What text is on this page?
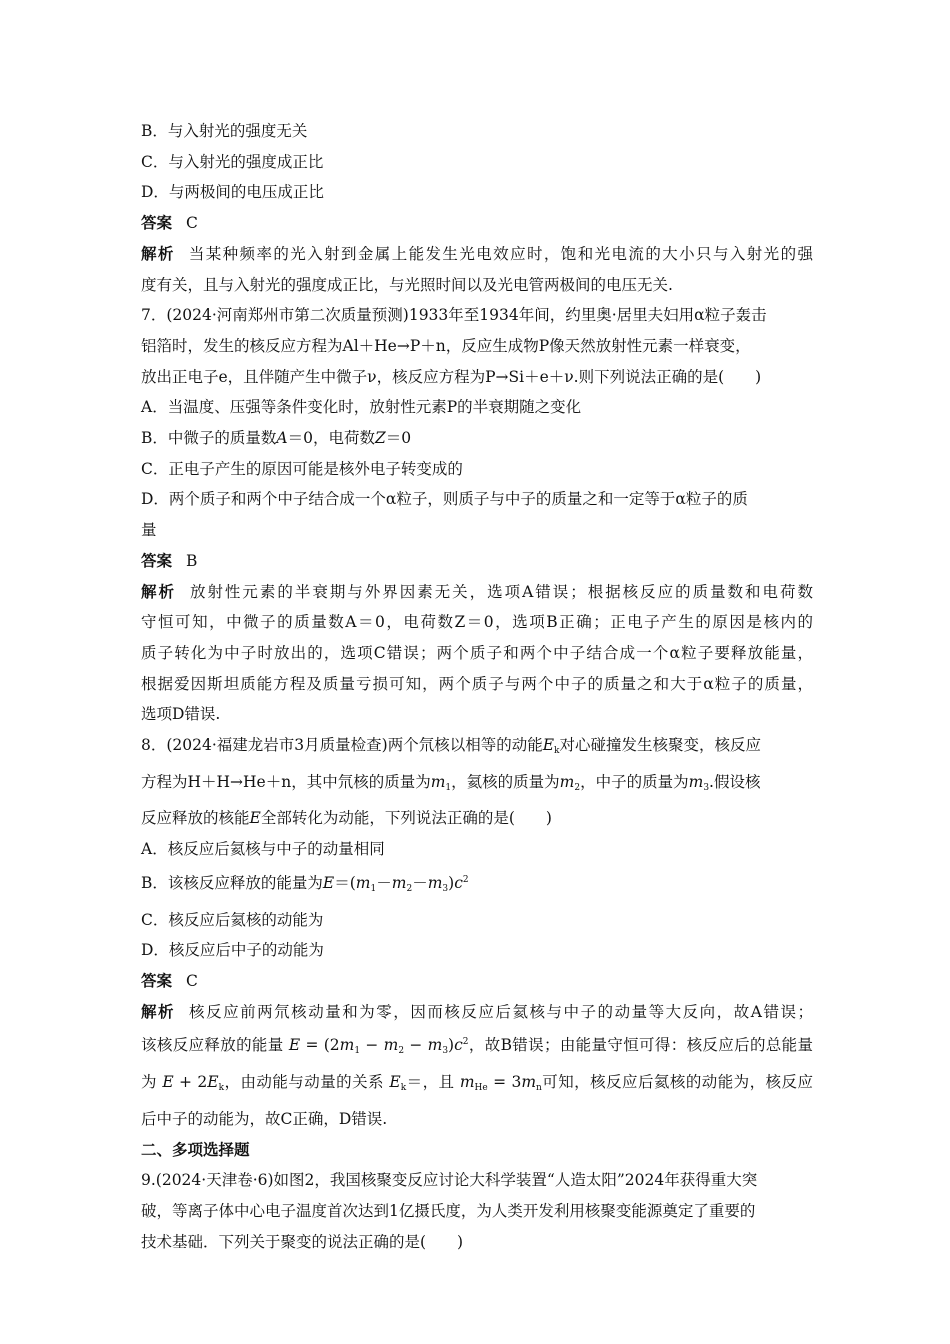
B．与入射光的强度无关
C．与入射光的强度成正比
D．与两极间的电压成正比
答案 C
解析 当某种频率的光入射到金属上能发生光电效应时，饱和光电流的大小只与入射光的强
度有关，且与入射光的强度成正比，与光照时间以及光电管两极间的电压无关.
7．(2024·河南郑州市第二次质量预测)1933年至1934年间，约里奥·居里夫妇用α粒子轰击
铝箔时，发生的核反应方程为Al＋He→P＋n，反应生成物P像天然放射性元素一样衰变，
放出正电子e，且伴随产生中微子ν，核反应方程为P→Si＋e＋ν.则下列说法正确的是(　　)
A．当温度、压强等条件变化时，放射性元素P的半衰期随之变化
B．中微子的质量数A＝0，电荷数Z＝0
C．正电子产生的原因可能是核外电子转变成的
D．两个质子和两个中子结合成一个α粒子，则质子与中子的质量之和一定等于α粒子的质
量
答案 B
解析 放射性元素的半衰期与外界因素无关，选项A错误；根据核反应的质量数和电荷数
守恒可知，中微子的质量数A＝0，电荷数Z＝0，选项B正确；正电子产生的原因是核内的
质子转化为中子时放出的，选项C错误；两个质子和两个中子结合成一个α粒子要释放能量，
根据爱因斯坦质能方程及质量亏损可知，两个质子与两个中子的质量之和大于α粒子的质量，
选项D错误.
8．(2024·福建龙岩市3月质量检查)两个氘核以相等的动能$E_k$对心碰撞发生核聚变，核反应
方程为H＋H→He＋n，其中氘核的质量为$m_1$，氦核的质量为$m_2$，中子的质量为$m_3$.假设核
反应释放的核能E全部转化为动能，下列说法正确的是(　　)
A．核反应后氦核与中子的动量相同
B．该核反应释放的能量为$E=(m_1-m_2-m_3)c^2$
C．核反应后氦核的动能为
D．核反应后中子的动能为
答案 C
解析 核反应前两氘核动量和为零，因而核反应后氦核与中子的动量等大反向，故A错误；
该核反应释放的能量 $E = (2m_1 - m_2 - m_3)c^2$，故B错误；由能量守恒可得：核反应后的总能量
为 $E + 2E_k$，由动能与动量的关系 $E_k=$，且 $m_{He} = 3m_n$可知，核反应后氦核的动能为，核反应
后中子的动能为，故C正确，D错误.
二、多项选择题
9.(2024·天津卷·6)如图2，我国核聚变反应讨论大科学装置“人造太阳”2024年获得重大突
破，等离子体中心电子温度首次达到1亿摄氏度，为人类开发利用核聚变能源奠定了重要的
技术基础．下列关于聚变的说法正确的是(　　)
